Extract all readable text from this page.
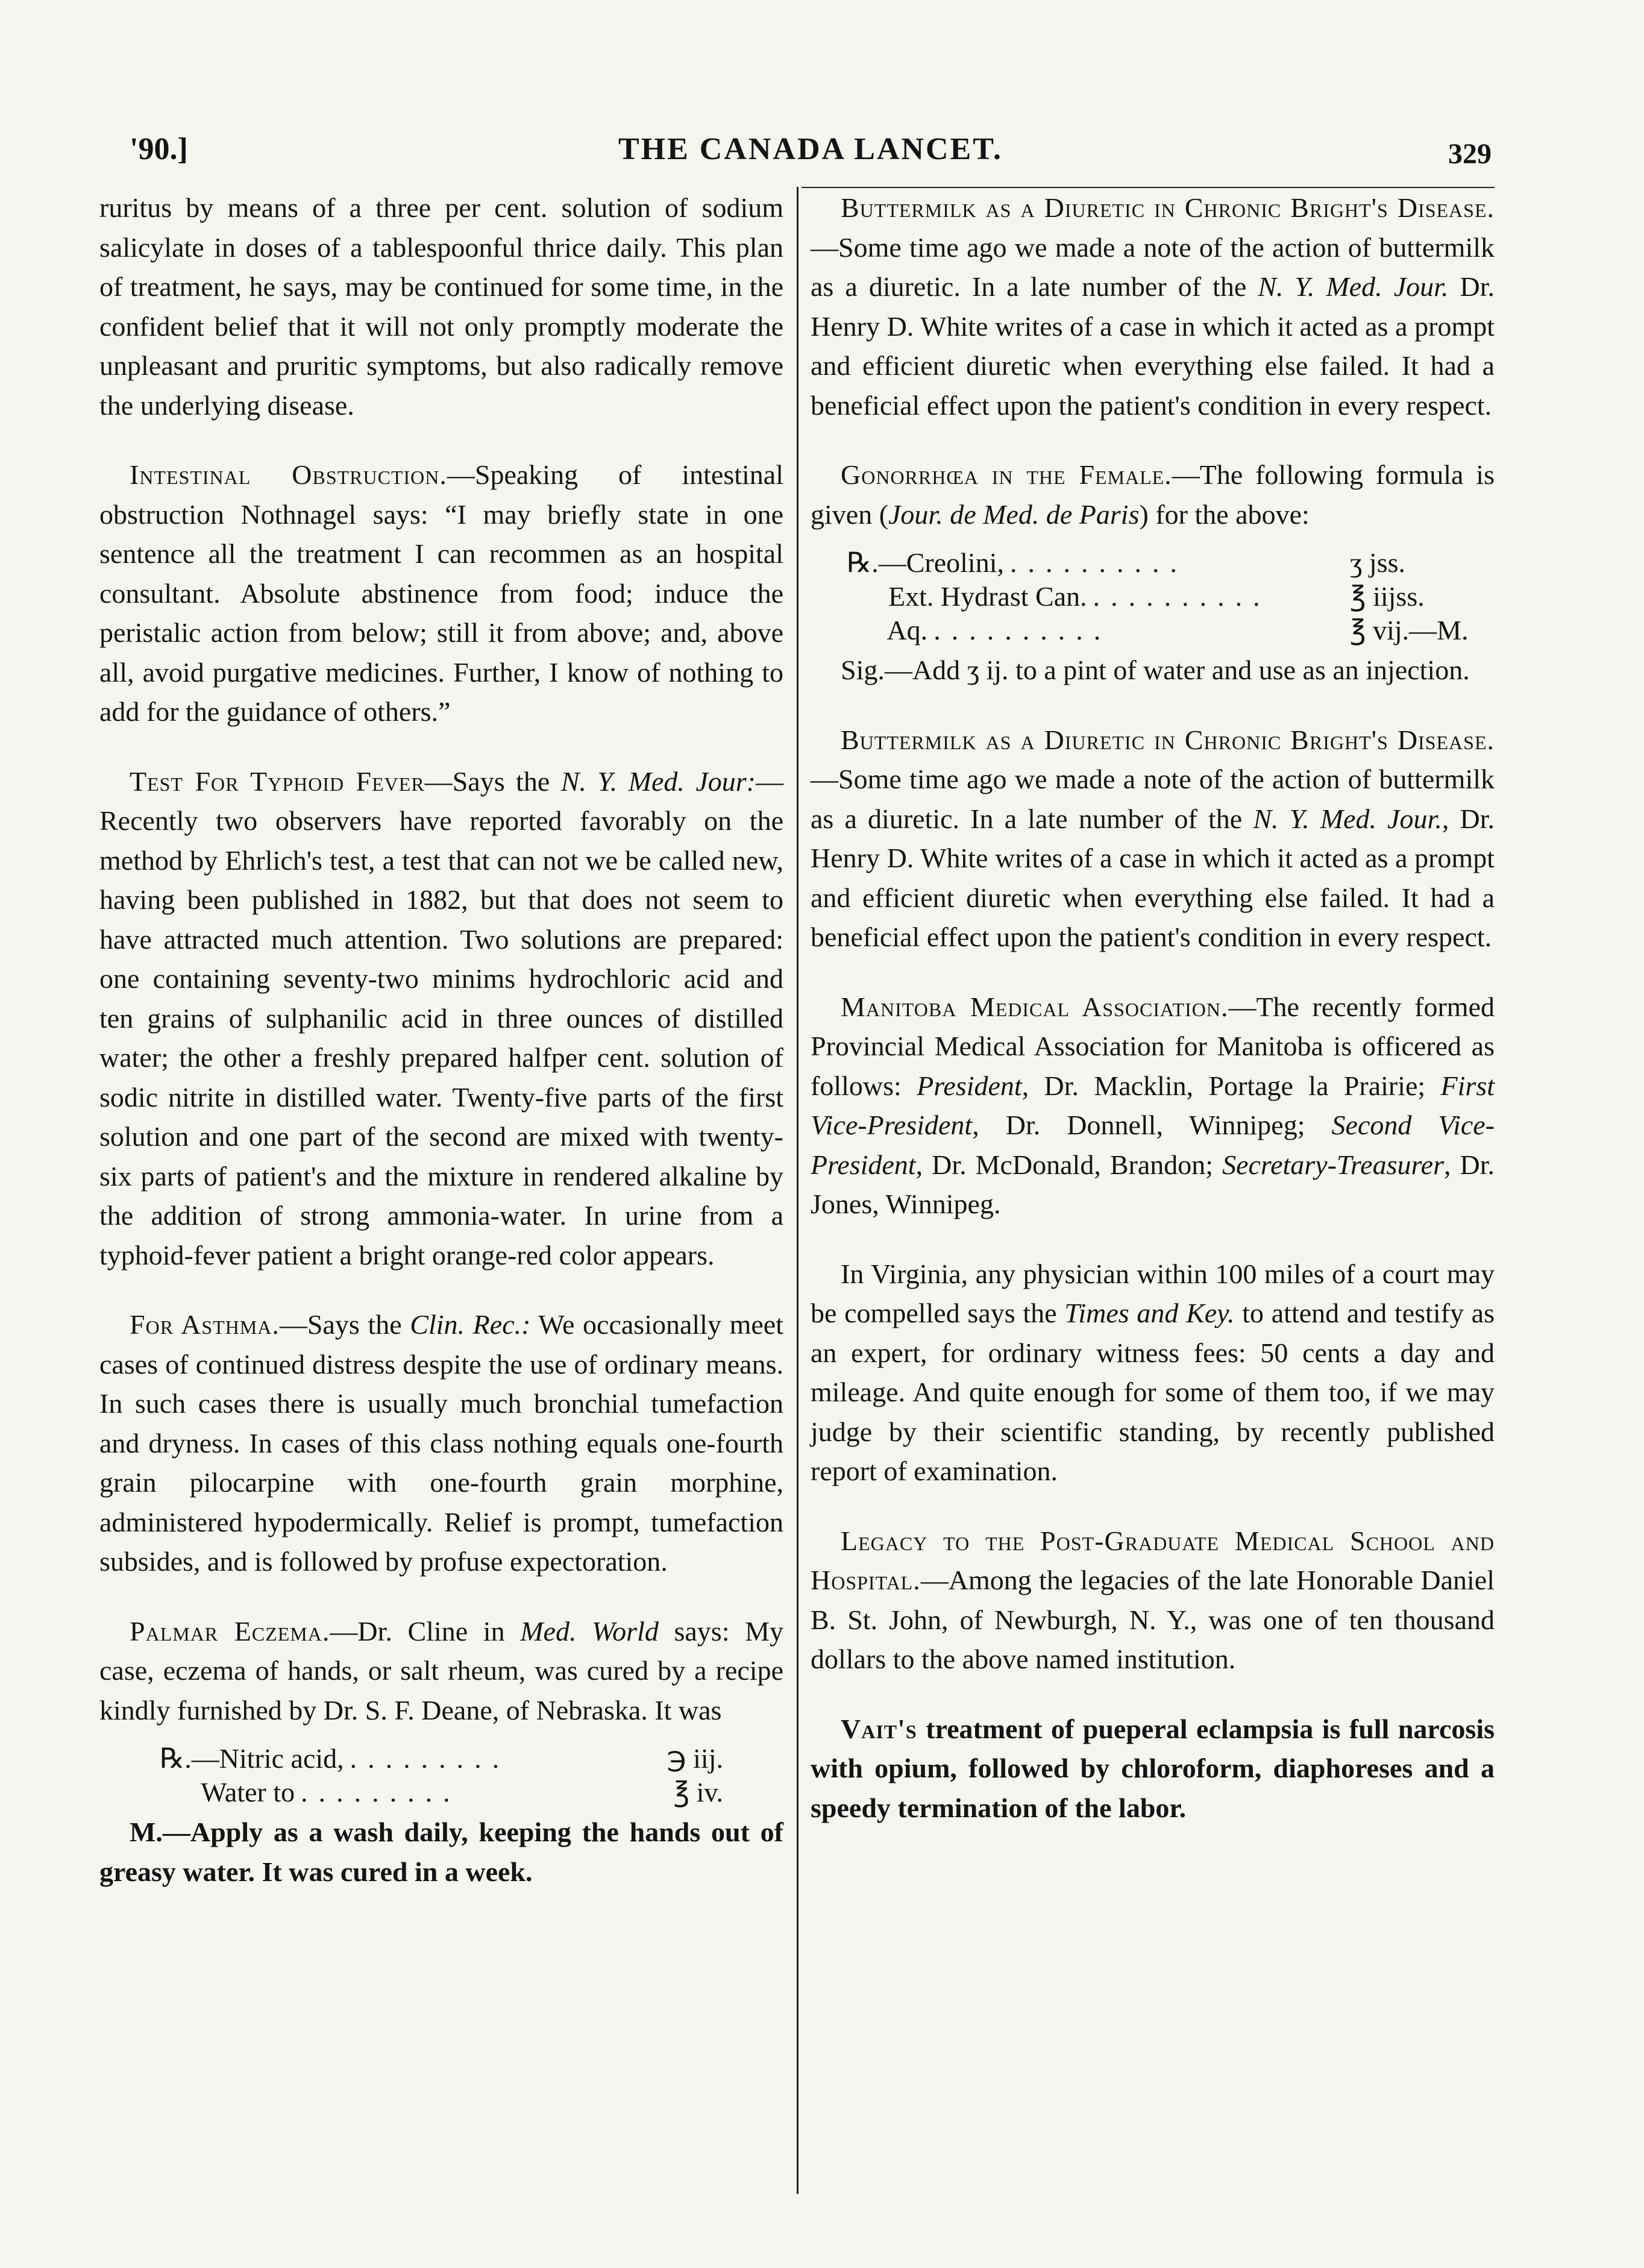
'90.]	THE CANADA LANCET.	329

ruritus by means of a three per cent. solution of sodium salicylate in doses of a tablespoonful thrice daily. This plan of treatment, he says, may be continued for some time, in the confident belief that it will not only promptly moderate the unpleasant and pruritic symptoms, but also radically remove the underlying disease.

Intestinal Obstruction.—Speaking of intestinal obstruction Nothnagel says: “I may briefly state in one sentence all the treatment I can recommen as an hospital consultant. Absolute abstinence from food; induce the peristalic action from below; still it from above; and, above all, avoid purgative medicines. Further, I know of nothing to add for the guidance of others.”

Test For Typhoid Fever—Says the N. Y. Med. Jour:—Recently two observers have reported favorably on the method by Ehrlich's test, a test that can not we be called new, having been published in 1882, but that does not seem to have attracted much attention. Two solutions are prepared: one containing seventy-two minims hydrochloric acid and ten grains of sulphanilic acid in three ounces of distilled water; the other a freshly prepared halfper cent. solution of sodic nitrite in distilled water. Twenty-five parts of the first solution and one part of the second are mixed with twenty-six parts of patient's and the mixture in rendered alkaline by the addition of strong ammonia-water. In urine from a typhoid-fever patient a bright orange-red color appears.

For Asthma.—Says the Clin. Rec.: We occasionally meet cases of continued distress despite the use of ordinary means. In such cases there is usually much bronchial tumefaction and dryness. In cases of this class nothing equals one-fourth grain pilocarpine with one-fourth grain morphine, administered hypodermically. Relief is prompt, tumefaction subsides, and is followed by profuse expectoration.

Palmar Eczema.—Dr. Cline in Med. World says: My case, eczema of hands, or salt rheum, was cured by a recipe kindly furnished by Dr. S. F. Deane, of Nebraska. It was

℞.—Nitric acid, .........	℈ iij.
Water to .........	℥ iv.

M.—Apply as a wash daily, keeping the hands out of greasy water. It was cured in a week.

Buttermilk as a Diuretic in Chronic Bright's Disease.—Some time ago we made a note of the action of buttermilk as a diuretic. In a late number of the N. Y. Med. Jour. Dr. Henry D. White writes of a case in which it acted as a prompt and efficient diuretic when everything else failed. It had a beneficial effect upon the patient's condition in every respect.

Gonorrhœa in the Female.—The following formula is given (Jour. de Med. de Paris) for the above:

℞.—Creolini, ..........	ʒ jss.
Ext. Hydrast Can. ..........	℥ iijss.
Aq. ..........	℥ vij.—M.

Sig.—Add ʒ ij. to a pint of water and use as an injection.

Buttermilk as a Diuretic in Chronic Bright's Disease.—Some time ago we made a note of the action of buttermilk as a diuretic. In a late number of the N. Y. Med. Jour., Dr. Henry D. White writes of a case in which it acted as a prompt and efficient diuretic when everything else failed. It had a beneficial effect upon the patient's condition in every respect.

Manitoba Medical Association.—The recently formed Provincial Medical Association for Manitoba is officered as follows: President, Dr. Macklin, Portage la Prairie; First Vice-President, Dr. Donnell, Winnipeg; Second Vice-President, Dr. McDonald, Brandon; Secretary-Treasurer, Dr. Jones, Winnipeg.

In Virginia, any physician within 100 miles of a court may be compelled says the Times and Key. to attend and testify as an expert, for ordinary witness fees: 50 cents a day and mileage. And quite enough for some of them too, if we may judge by their scientific standing, by recently published report of examination.

Legacy to the Post-Graduate Medical School and Hospital.—Among the legacies of the late Honorable Daniel B. St. John, of Newburgh, N. Y., was one of ten thousand dollars to the above named institution.

Vait's treatment of pueperal eclampsia is full narcosis with opium, followed by chloroform, diaphoreses and a speedy termination of the labor.
